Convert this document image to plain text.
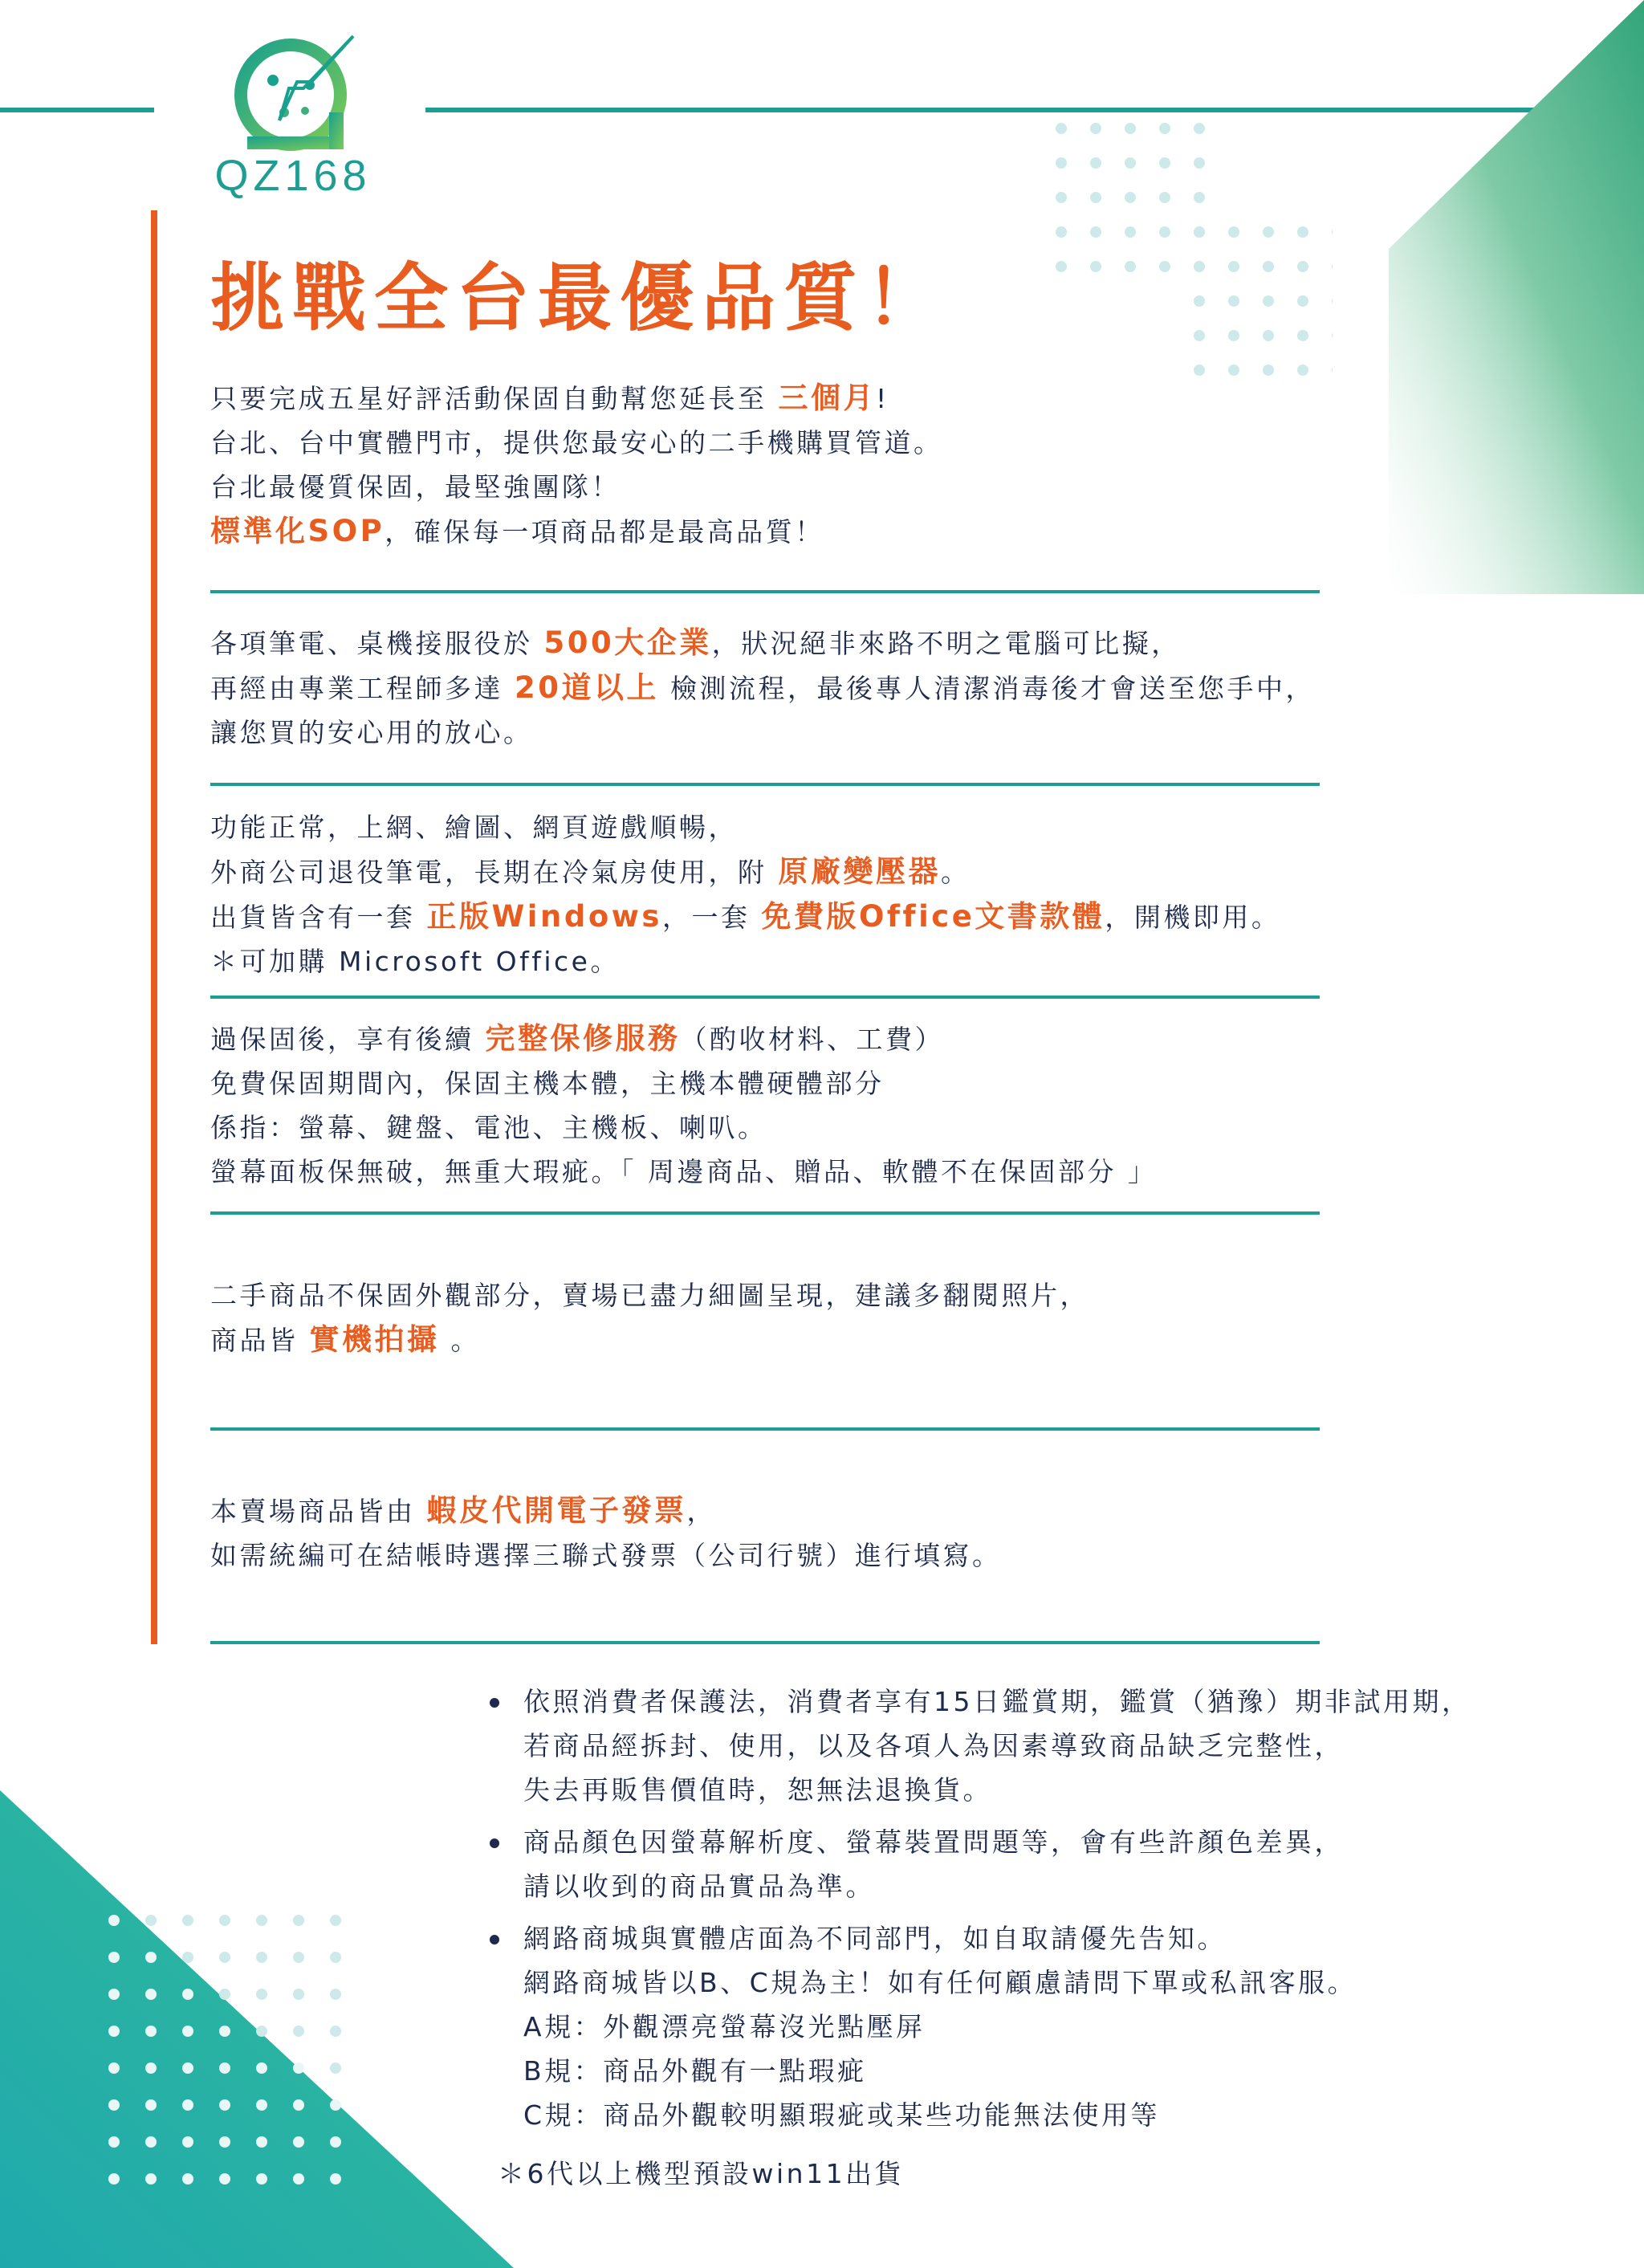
QZ168
挑戰全台最優品質！
只要完成五星好評活動保固自動幫您延長至 三個月!
台北、台中實體門市，提供您最安心的二手機購買管道。
台北最優質保固，最堅強團隊！
標準化SOP，確保每一項商品都是最高品質！
各項筆電、桌機接服役於 500大企業，狀況絕非來路不明之電腦可比擬，
再經由專業工程師多達 20道以上 檢測流程，最後專人清潔消毒後才會送至您手中，
讓您買的安心用的放心。
功能正常，上網、繪圖、網頁遊戲順暢，
外商公司退役筆電，長期在冷氣房使用，附 原廠變壓器。
出貨皆含有一套 正版Windows，一套 免費版Office文書款體，開機即用。
＊可加購 Microsoft Office。
過保固後，享有後續 完整保修服務（酌收材料、工費）
免費保固期間內，保固主機本體，主機本體硬體部分
係指：螢幕、鍵盤、電池、主機板、喇叭。
螢幕面板保無破，無重大瑕疵。「 周邊商品、贈品、軟體不在保固部分 」
二手商品不保固外觀部分，賣場已盡力細圖呈現，建議多翻閱照片，
商品皆 實機拍攝 。
本賣場商品皆由 蝦皮代開電子發票，
如需統編可在結帳時選擇三聯式發票（公司行號）進行填寫。
依照消費者保護法，消費者享有15日鑑賞期，鑑賞（猶豫）期非試用期，
若商品經拆封、使用，以及各項人為因素導致商品缺乏完整性，
失去再販售價值時，恕無法退換貨。
商品顏色因螢幕解析度、螢幕裝置問題等，會有些許顏色差異，
請以收到的商品實品為準。
網路商城與實體店面為不同部門，如自取請優先告知。
網路商城皆以B、C規為主！如有任何顧慮請問下單或私訊客服。
A規：外觀漂亮螢幕沒光點壓屏
B規：商品外觀有一點瑕疵
C規：商品外觀較明顯瑕疵或某些功能無法使用等
＊6代以上機型預設win11出貨
